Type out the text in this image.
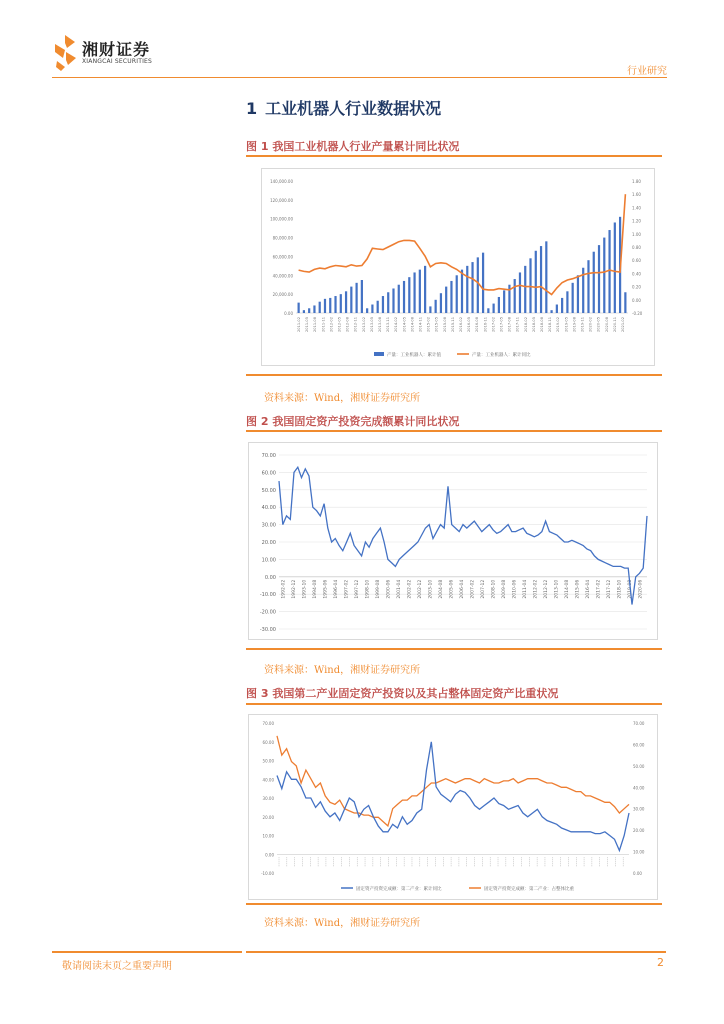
湘财证券
XIANGCAI SECURITIES
行业研究
1 工业机器人行业数据状况
图 1 我国工业机器人行业产量累计同比状况
140,000.00
120,000.00
100,000.00
80,000.00
60,000.00
40,000.00
20,000.00
0.00
1.80
1.60
1.40
1.20
1.00
0.80
0.60
0.40
0.20
0.00
-0.20
2011-02 2011-05 2011-08 2011-11 2012-02 2012-05 2012-08 2012-11 2013-02 2013-05 2013-08 2013-11 2014-02 2014-05 2014-08 2014-11 2015-02 2015-05 2015-08 2015-11 2016-02 2016-05 2016-08 2016-11 2017-02 2017-05 2017-08 2017-11 2018-02 2018-05 2018-08 2018-11 2019-02 2019-05 2019-08 2019-11 2020-02 2020-05 2020-08 2020-11 2021-02
产量：工业机器人：累计值	产量：工业机器人：累计同比
资料来源：Wind，湘财证券研究所
图 2 我国固定资产投资完成额累计同比状况
70.00
60.00
50.00
40.00
30.00
20.00
10.00
0.00
-10.00
-20.00
-30.00
1992-02 1992-12 1993-10 1994-08 1995-06 1996-04 1997-02 1997-12 1998-10 1999-08 2000-06 2001-04 2002-02 2002-12 2003-10 2004-08 2005-06 2006-04 2007-02 2007-12 2008-10 2009-08 2010-06 2011-04 2012-02 2012-12 2013-10 2014-08 2015-06 2016-04 2017-02 2017-12 2018-10 2019-08 2020-06
资料来源：Wind，湘财证券研究所
图 3 我国第二产业固定资产投资以及其占整体固定资产比重状况
70.00
60.00
50.00
40.00
30.00
20.00
10.00
0.00
-10.00
70.00
60.00
50.00
40.00
30.00
20.00
10.00
0.00
固定资产投资完成额：第二产业：累计同比	固定资产投资完成额：第二产业：占整体比重
资料来源：Wind，湘财证券研究所
敬请阅读末页之重要声明	2
